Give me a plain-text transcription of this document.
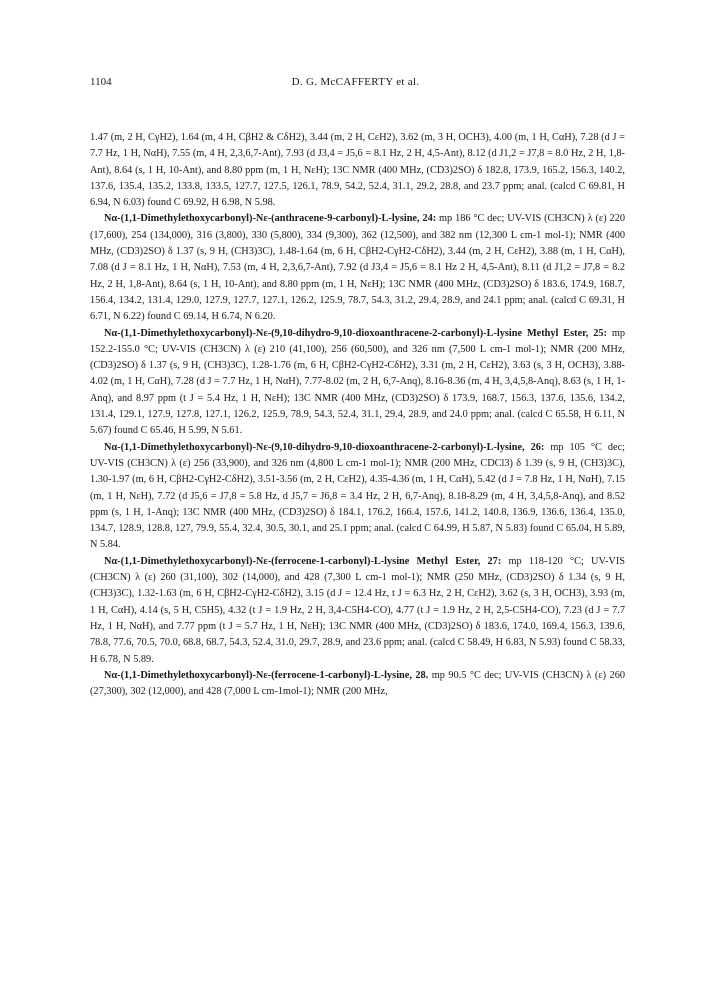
1104	D. G. McCAFFERTY et al.

1.47 (m, 2 H, CγH2), 1.64 (m, 4 H, CβH2 & CδH2), 3.44 (m, 2 H, CεH2), 3.62 (m, 3 H, OCH3), 4.00 (m, 1 H, CαH), 7.28 (d J = 7.7 Hz, 1 H, NαH), 7.55 (m, 4 H, 2,3,6,7-Ant), 7.93 (d J3,4 = J5,6 = 8.1 Hz, 2 H, 4,5-Ant), 8.12 (d J1,2 = J7,8 = 8.0 Hz, 2 H, 1,8-Ant), 8.64 (s, 1 H, 10-Ant), and 8.80 ppm (m, 1 H, NεH); 13C NMR (400 MHz, (CD3)2SO) δ 182.8, 173.9, 165.2, 156.3, 140.2, 137.6, 135.4, 135.2, 133.8, 133.5, 127.7, 127.5, 126.1, 78.9, 54.2, 52.4, 31.1, 29.2, 28.8, and 23.7 ppm; anal. (calcd C 69.81, H 6.94, N 6.03) found C 69.92, H 6.98, N 5.98.

Nα-(1,1-Dimethylethoxycarbonyl)-Nε-(anthracene-9-carbonyl)-L-lysine, 24: mp 186 °C dec; UV-VIS (CH3CN) λ (ε) 220 (17,600), 254 (134,000), 316 (3,800), 330 (5,800), 334 (9,300), 362 (12,500), and 382 nm (12,300 L cm-1 mol-1); NMR (400 MHz, (CD3)2SO) δ 1.37 (s, 9 H, (CH3)3C), 1.48-1.64 (m, 6 H, CβH2-CγH2-CδH2), 3.44 (m, 2 H, CεH2), 3.88 (m, 1 H, CαH), 7.08 (d J = 8.1 Hz, 1 H, NαH), 7.53 (m, 4 H, 2,3,6,7-Ant), 7.92 (d J3,4 = J5,6 = 8.1 Hz 2 H, 4,5-Ant), 8.11 (d J1,2 = J7,8 = 8.2 Hz, 2 H, 1,8-Ant), 8.64 (s, 1 H, 10-Ant), and 8.80 ppm (m, 1 H, NεH); 13C NMR (400 MHz, (CD3)2SO) δ 183.6, 174.9, 168.7, 156.4, 134.2, 131.4, 129.0, 127.9, 127.7, 127.1, 126.2, 125.9, 78.7, 54.3, 31.2, 29.4, 28.9, and 24.1 ppm; anal. (calcd C 69.31, H 6.71, N 6.22) found C 69.14, H 6.74, N 6.20.

Nα-(1,1-Dimethylethoxycarbonyl)-Nε-(9,10-dihydro-9,10-dioxoanthracene-2-carbonyl)-L-lysine Methyl Ester, 25: mp 152.2-155.0 °C; UV-VIS (CH3CN) λ (ε) 210 (41,100), 256 (60,500), and 326 nm (7,500 L cm-1 mol-1); NMR (200 MHz, (CD3)2SO) δ 1.37 (s, 9 H, (CH3)3C), 1.28-1.76 (m, 6 H, CβH2-CγH2-CδH2), 3.31 (m, 2 H, CεH2), 3.63 (s, 3 H, OCH3), 3.88-4.02 (m, 1 H, CαH), 7.28 (d J = 7.7 Hz, 1 H, NαH), 7.77-8.02 (m, 2 H, 6,7-Anq), 8.16-8.36 (m, 4 H, 3,4,5,8-Anq), 8.63 (s, 1 H, 1-Anq), and 8.97 ppm (t J = 5.4 Hz, 1 H, NεH); 13C NMR (400 MHz, (CD3)2SO) δ 173.9, 168.7, 156.3, 137.6, 135.6, 134.2, 131.4, 129.1, 127.9, 127.8, 127.1, 126.2, 125.9, 78.9, 54.3, 52.4, 31.1, 29.4, 28.9, and 24.0 ppm; anal. (calcd C 65.58, H 6.11, N 5.67) found C 65.46, H 5.99, N 5.61.

Nα-(1,1-Dimethylethoxycarbonyl)-Nε-(9,10-dihydro-9,10-dioxoanthracene-2-carbonyl)-L-lysine, 26: mp 105 °C dec; UV-VIS (CH3CN) λ (ε) 256 (33,900), and 326 nm (4,800 L cm-1 mol-1); NMR (200 MHz, CDCl3) δ 1.39 (s, 9 H, (CH3)3C), 1.30-1.97 (m, 6 H, CβH2-CγH2-CδH2), 3.51-3.56 (m, 2 H, CεH2), 4.35-4.36 (m, 1 H, CαH), 5.42 (d J = 7.8 Hz, 1 H, NαH), 7.15 (m, 1 H, NεH), 7.72 (d J5,6 = J7,8 = 5.8 Hz, d J5,7 = J6,8 = 3.4 Hz, 2 H, 6,7-Anq), 8.18-8.29 (m, 4 H, 3,4,5,8-Anq), and 8.52 ppm (s, 1 H, 1-Anq); 13C NMR (400 MHz, (CD3)2SO) δ 184.1, 176.2, 166.4, 157.6, 141.2, 140.8, 136.9, 136.6, 136.4, 135.0, 134.7, 128.9, 128.8, 127, 79.9, 55.4, 32.4, 30.5, 30.1, and 25.1 ppm; anal. (calcd C 64.99, H 5.87, N 5.83) found C 65.04, H 5.89, N 5.84.

Nα-(1,1-Dimethylethoxycarbonyl)-Nε-(ferrocene-1-carbonyl)-L-lysine Methyl Ester, 27: mp 118-120 °C; UV-VIS (CH3CN) λ (ε) 260 (31,100), 302 (14,000), and 428 (7,300 L cm-1 mol-1); NMR (250 MHz, (CD3)2SO) δ 1.34 (s, 9 H, (CH3)3C), 1.32-1.63 (m, 6 H, CβH2-CγH2-CδH2), 3.15 (d J = 12.4 Hz, t J = 6.3 Hz, 2 H, CεH2), 3.62 (s, 3 H, OCH3), 3.93 (m, 1 H, CαH), 4.14 (s, 5 H, C5H5), 4.32 (t J = 1.9 Hz, 2 H, 3,4-C5H4-CO), 4.77 (t J = 1.9 Hz, 2 H, 2,5-C5H4-CO), 7.23 (d J = 7.7 Hz, 1 H, NαH), and 7.77 ppm (t J = 5.7 Hz, 1 H, NεH); 13C NMR (400 MHz, (CD3)2SO) δ 183.6, 174.0, 169.4, 156.3, 139.6, 78.8, 77.6, 70.5, 70.0, 68.8, 68.7, 54.3, 52.4, 31.0, 29.7, 28.9, and 23.6 ppm; anal. (calcd C 58.49, H 6.83, N 5.93) found C 58.33, H 6.78, N 5.89.

Nα-(1,1-Dimethylethoxycarbonyl)-Nε-(ferrocene-1-carbonyl)-L-lysine, 28. mp 90.5 °C dec; UV-VIS (CH3CN) λ (ε) 260 (27,300), 302 (12,000), and 428 (7,000 L cm-1mol-1); NMR (200 MHz,
